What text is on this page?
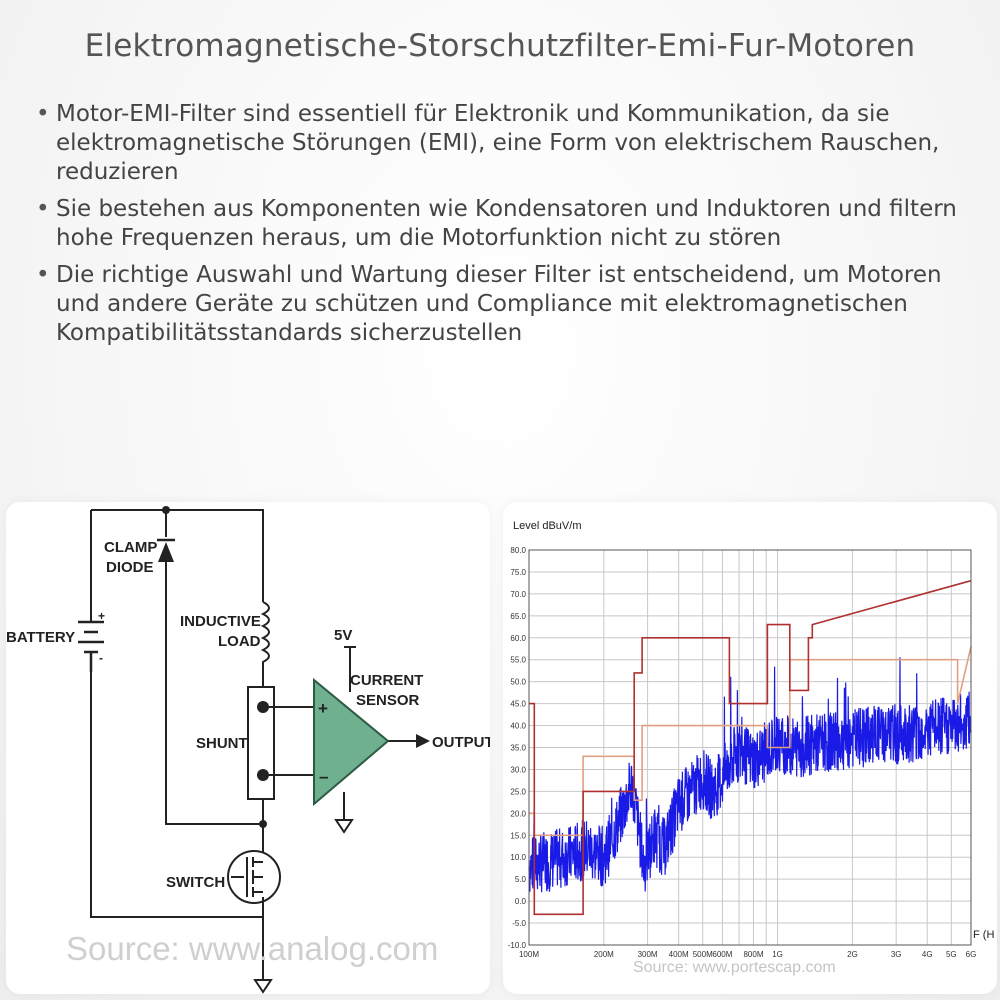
Elektromagnetische-Storschutzfilter-Emi-Fur-Motoren
• Motor-EMI-Filter sind essentiell für Elektronik und Kommunikation, da sie elektromagnetische Störungen (EMI), eine Form von elektrischem Rauschen, reduzieren
• Sie bestehen aus Komponenten wie Kondensatoren und Induktoren und filtern hohe Frequenzen heraus, um die Motorfunktion nicht zu stören
• Die richtige Auswahl und Wartung dieser Filter ist entscheidend, um Motoren und andere Geräte zu schützen und Compliance mit elektromagnetischen Kompatibilitätsstandards sicherzustellen
CLAMP
DIODE
BATTERY
+
-
INDUCTIVE
LOAD	5V
CURRENT
SENSOR
SHUNT
+
–
OUTPUT
SWITCH
Source: www.analog.com
Level dBuV/m
-10.0
-5.0
0.0
5.0
10.0
15.0
20.0
25.0
30.0
35.0
40.0
45.0
50.0
55.0
60.0
65.0
70.0
75.0
80.0
100M	200M	300M 400M 500M 600M 800M 1G	2G	3G	4G 5G 6G
F (H
Source: www.portescap.com
